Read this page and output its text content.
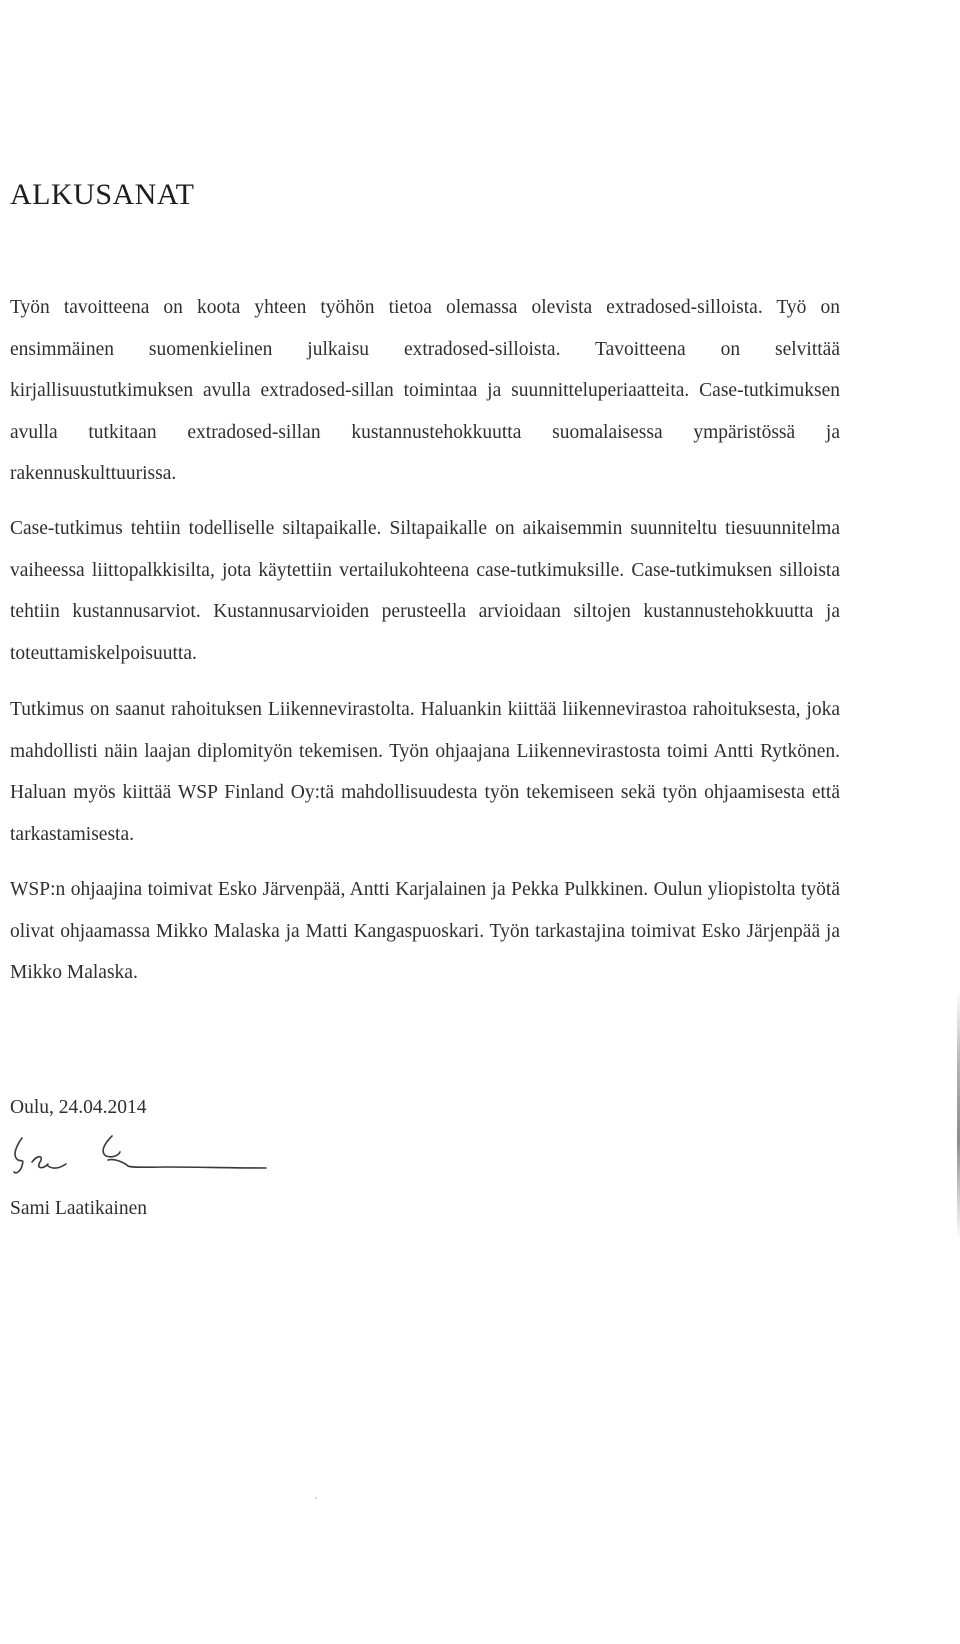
ALKUSANAT

Työn tavoitteena on koota yhteen työhön tietoa olemassa olevista extradosed-silloista. Työ on ensimmäinen suomenkielinen julkaisu extradosed-silloista. Tavoitteena on selvittää kirjallisuustutkimuksen avulla extradosed-sillan toimintaa ja suunnitteluperiaatteita. Case-tutkimuksen avulla tutkitaan extradosed-sillan kustannustehokkuutta suomalaisessa ympäristössä ja rakennuskulttuurissa.

Case-tutkimus tehtiin todelliselle siltapaikalle. Siltapaikalle on aikaisemmin suunniteltu tiesuunnitelma vaiheessa liittopalkkisilta, jota käytettiin vertailukohteena case-tutkimuksille. Case-tutkimuksen silloista tehtiin kustannusarviot. Kustannusarvioiden perusteella arvioidaan siltojen kustannustehokkuutta ja toteuttamiskelpoisuutta.

Tutkimus on saanut rahoituksen Liikennevirastolta. Haluankin kiittää liikennevirastoa rahoituksesta, joka mahdollisti näin laajan diplomityön tekemisen. Työn ohjaajana Liikennevirastosta toimi Antti Rytkönen. Haluan myös kiittää WSP Finland Oy:tä mahdollisuudesta työn tekemiseen sekä työn ohjaamisesta että tarkastamisesta.

WSP:n ohjaajina toimivat Esko Järvenpää, Antti Karjalainen ja Pekka Pulkkinen. Oulun yliopistolta työtä olivat ohjaamassa Mikko Malaska ja Matti Kangaspuoskari. Työn tarkastajina toimivat Esko Järjenpää ja Mikko Malaska.

Oulu, 24.04.2014

Sami Laatikainen
